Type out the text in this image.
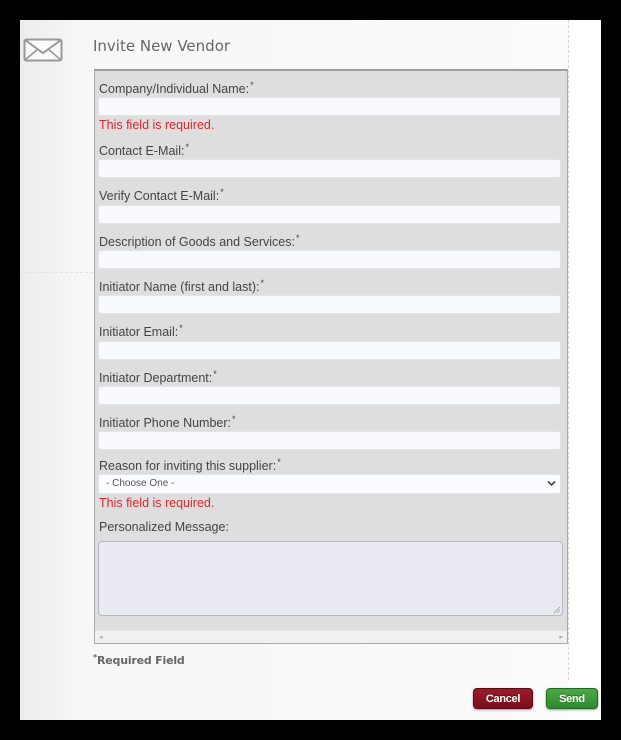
Invite New Vendor
Company/Individual Name:*
This field is required.
Contact E-Mail:*
Verify Contact E-Mail:*
Description of Goods and Services:*
Initiator Name (first and last):*
Initiator Email:*
Initiator Department:*
Initiator Phone Number:*
Reason for inviting this supplier:*
- Choose One -
This field is required.
Personalized Message:
◂	▸
*Required Field
Cancel	Send
